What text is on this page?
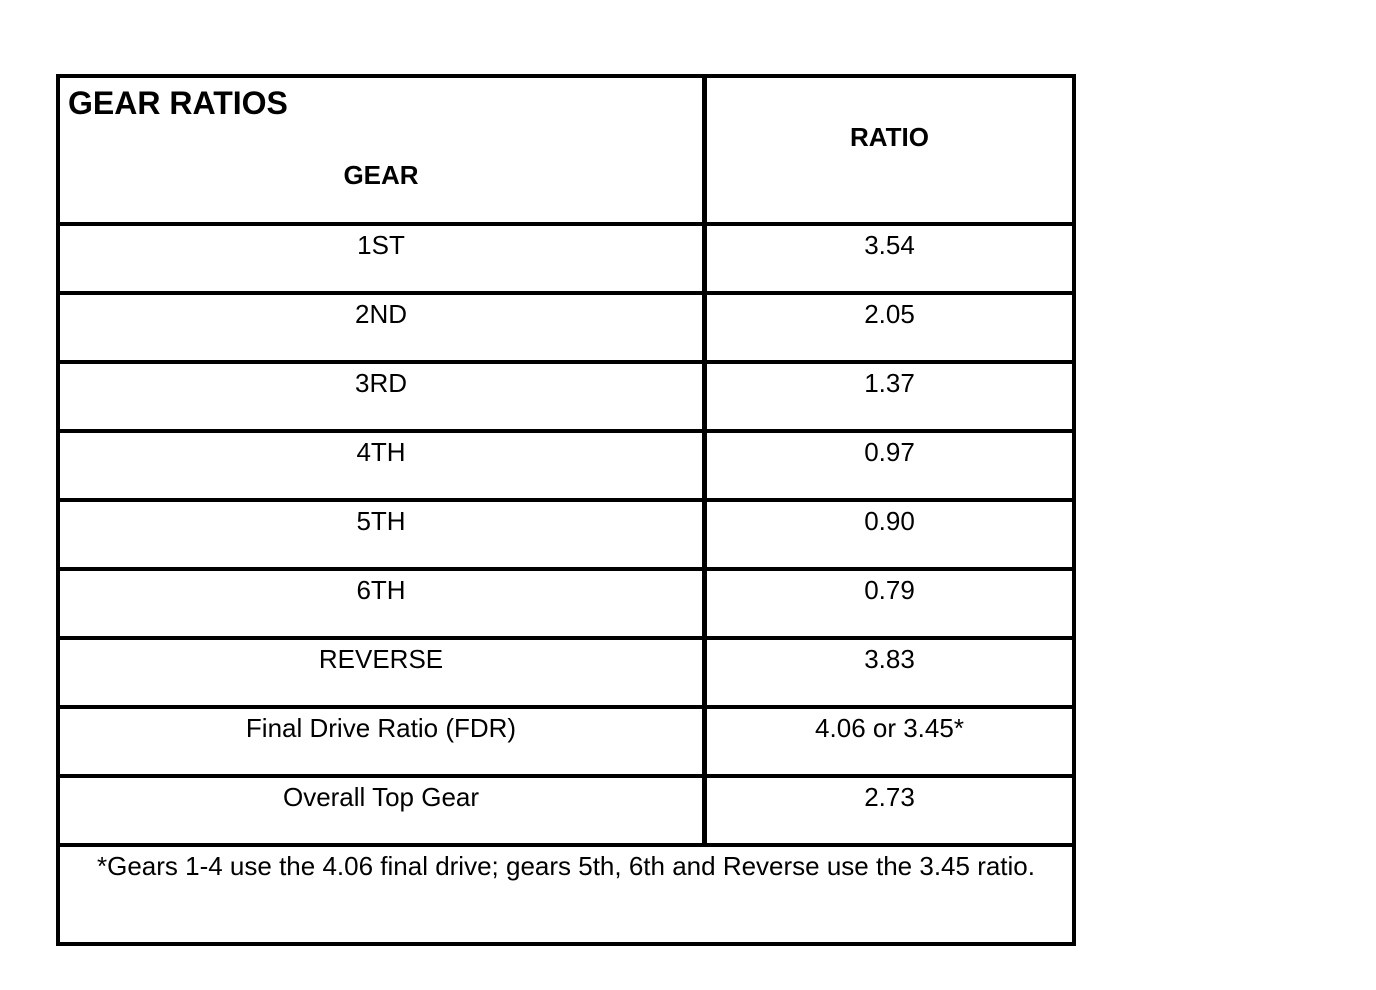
GEAR RATIOS
GEAR
RATIO
1ST	3.54
2ND	2.05
3RD	1.37
4TH	0.97
5TH	0.90
6TH	0.79
REVERSE	3.83
Final Drive Ratio (FDR)	4.06 or 3.45*
Overall Top Gear	2.73
*Gears 1-4 use the 4.06 final drive; gears 5th, 6th and Reverse use the 3.45 ratio.
